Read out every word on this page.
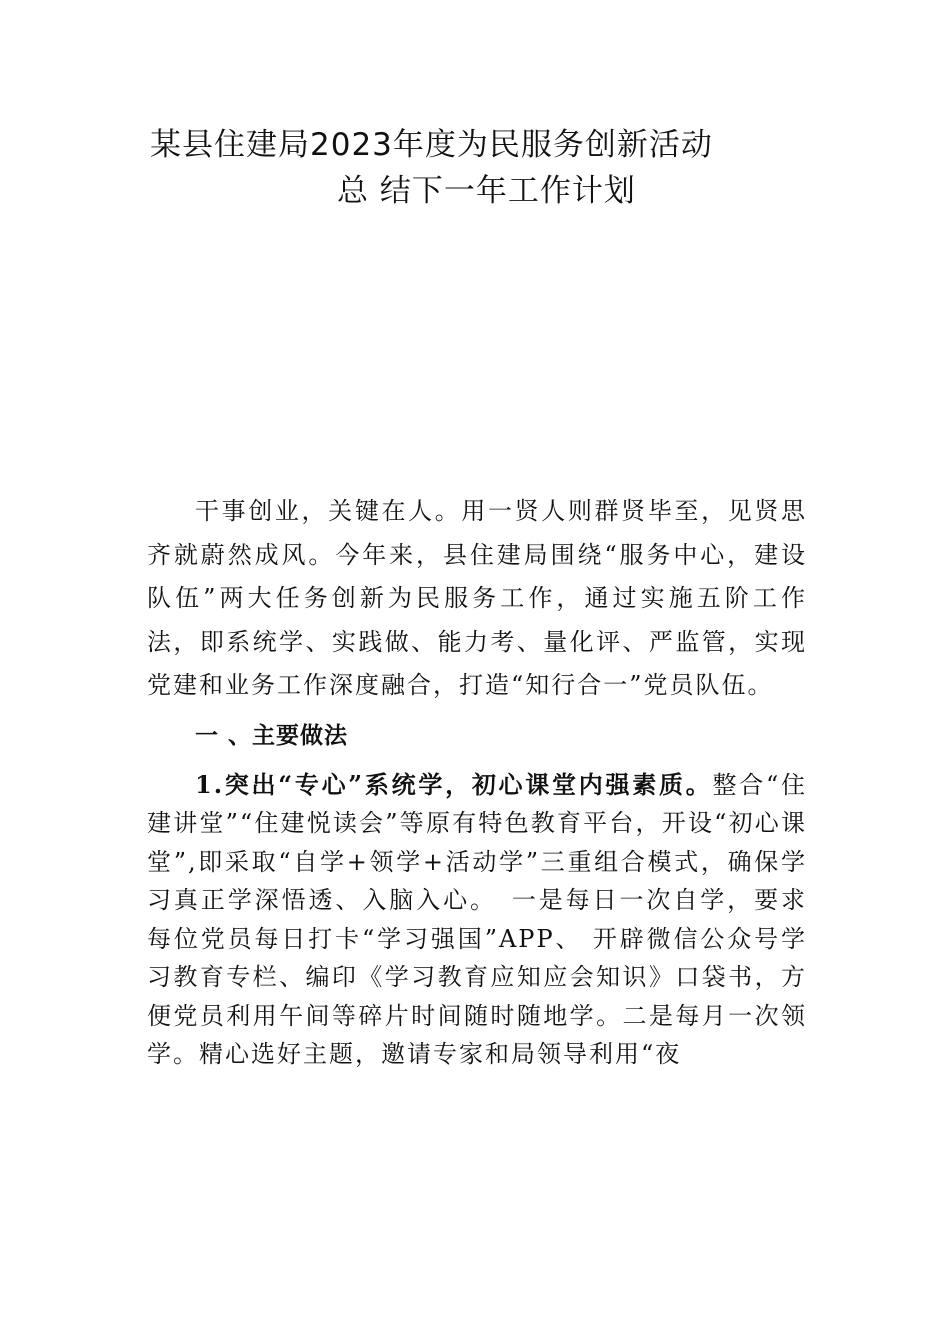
某县住建局2023年度为民服务创新活动
总 结下一年工作计划

干事创业，关键在人。用一贤人则群贤毕至，见贤思齐就蔚然成风。今年来，县住建局围绕“服务中心，建设队伍”两大任务创新为民服务工作，通过实施五阶工作法，即系统学、实践做、能力考、量化评、严监管，实现党建和业务工作深度融合，打造“知行合一”党员队伍。

一 、主要做法

1.突出“专心”系统学，初心课堂内强素质。整合“住建讲堂”“住建悦读会”等原有特色教育平台，开设“初心课堂”,即采取“自学+领学+活动学”三重组合模式，确保学习真正学深悟透、入脑入心。　一是每日一次自学，要求每位党员每日打卡“学习强国”APP、 开辟微信公众号学习教育专栏、编印《学习教育应知应会知识》口袋书，方便党员利用午间等碎片时间随时随地学。二是每月一次领学。精心选好主题，邀请专家和局领导利用“夜
